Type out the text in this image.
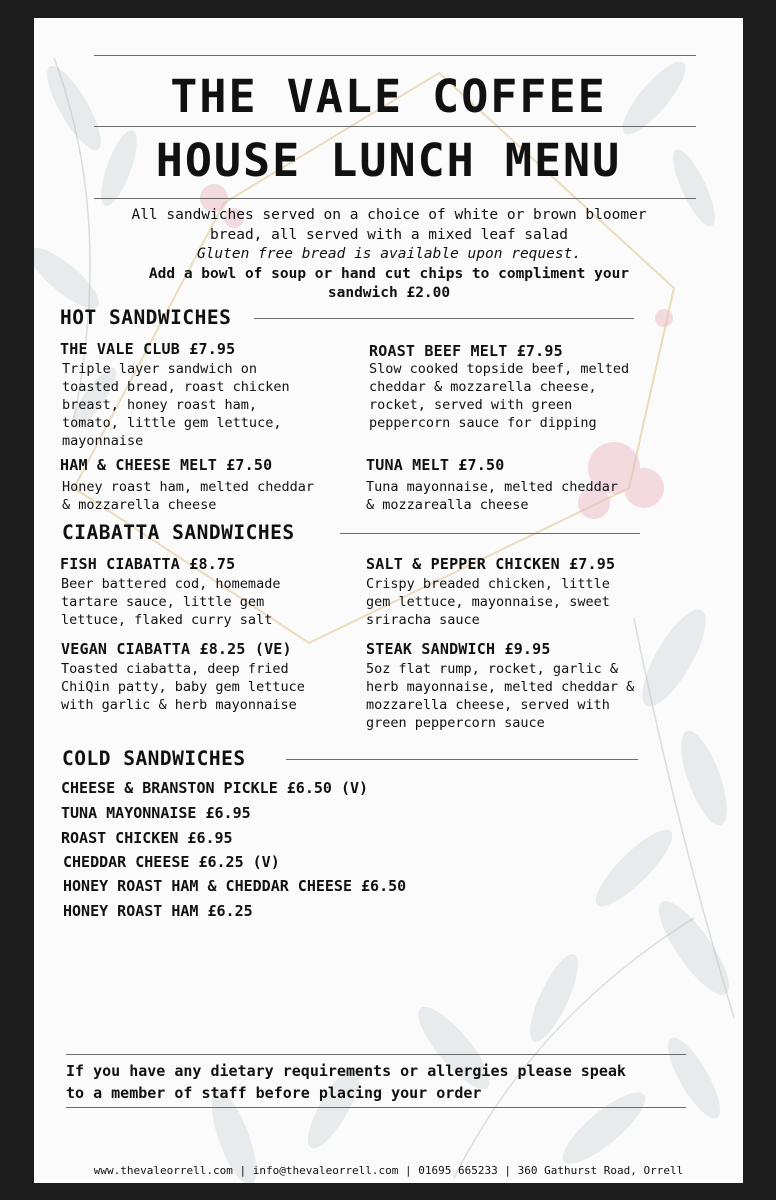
THE VALE COFFEE
HOUSE LUNCH MENU
All sandwiches served on a choice of white or brown bloomer
bread, all served with a mixed leaf salad
Gluten free bread is available upon request.
Add a bowl of soup or hand cut chips to compliment your
sandwich £2.00
HOT SANDWICHES
THE VALE CLUB £7.95
Triple layer sandwich on
toasted bread, roast chicken
breast, honey roast ham,
tomato, little gem lettuce,
mayonnaise
ROAST BEEF MELT £7.95
Slow cooked topside beef, melted
cheddar & mozzarella cheese,
rocket, served with green
peppercorn sauce for dipping
HAM & CHEESE MELT £7.50
Honey roast ham, melted cheddar
& mozzarella cheese
TUNA MELT £7.50
Tuna mayonnaise, melted cheddar
& mozzarealla cheese
CIABATTA SANDWICHES
FISH CIABATTA £8.75
Beer battered cod, homemade
tartare sauce, little gem
lettuce, flaked curry salt
SALT & PEPPER CHICKEN £7.95
Crispy breaded chicken, little
gem lettuce, mayonnaise, sweet
sriracha sauce
VEGAN CIABATTA £8.25 (VE)
Toasted ciabatta, deep fried
ChiQin patty, baby gem lettuce
with garlic & herb mayonnaise
STEAK SANDWICH £9.95
5oz flat rump, rocket, garlic &
herb mayonnaise, melted cheddar &
mozzarella cheese, served with
green peppercorn sauce
COLD SANDWICHES
CHEESE & BRANSTON PICKLE £6.50 (V)
TUNA MAYONNAISE £6.95
ROAST CHICKEN £6.95
CHEDDAR CHEESE £6.25 (V)
HONEY ROAST HAM & CHEDDAR CHEESE £6.50
HONEY ROAST HAM £6.25
If you have any dietary requirements or allergies please speak
to a member of staff before placing your order
www.thevaleorrell.com | info@thevaleorrell.com | 01695 665233 | 360 Gathurst Road, Orrell
